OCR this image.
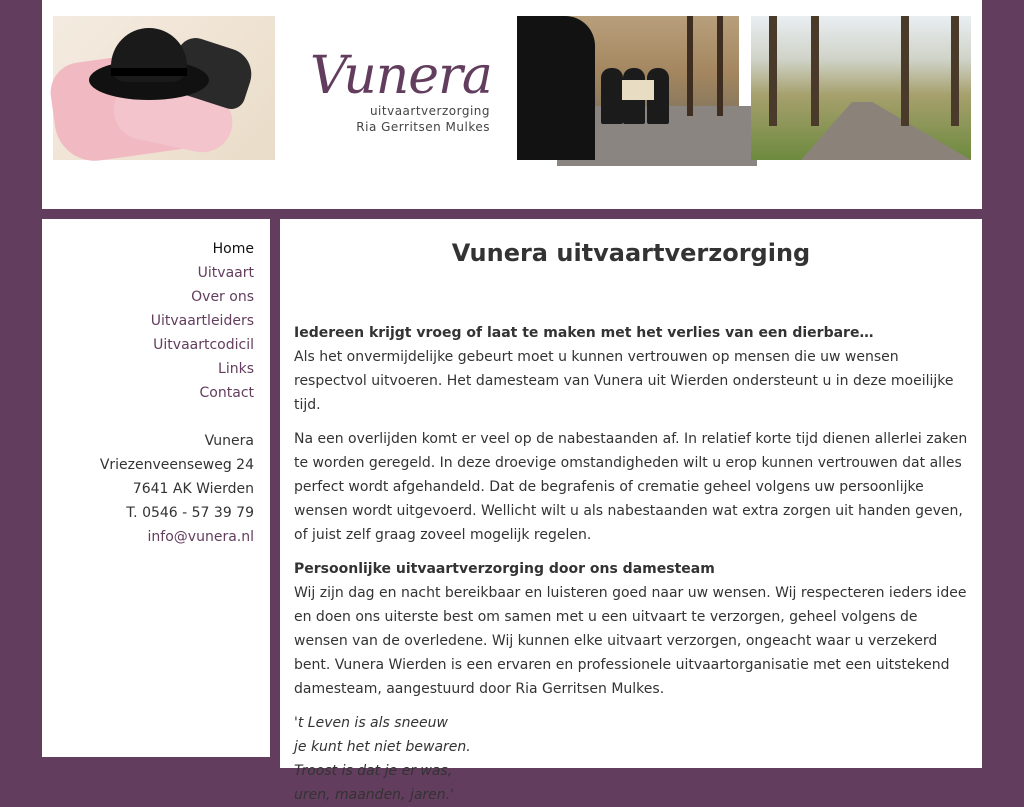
Vunera
uitvaartverzorging
Ria Gerritsen Mulkes
Home
Uitvaart
Over ons
Uitvaartleiders
Uitvaartcodicil
Links
Contact
Vunera
Vriezenveenseweg 24
7641 AK Wierden
T. 0546 - 57 39 79
info@vunera.nl
Vunera uitvaartverzorging

Iedereen krijgt vroeg of laat te maken met het verlies van een dierbare…
Als het onvermijdelijke gebeurt moet u kunnen vertrouwen op mensen die uw wensen respectvol uitvoeren. Het damesteam van Vunera uit Wierden ondersteunt u in deze moeilijke tijd.

Na een overlijden komt er veel op de nabestaanden af. In relatief korte tijd dienen allerlei zaken te worden geregeld. In deze droevige omstandigheden wilt u erop kunnen vertrouwen dat alles perfect wordt afgehandeld. Dat de begrafenis of crematie geheel volgens uw persoonlijke wensen wordt uitgevoerd. Wellicht wilt u als nabestaanden wat extra zorgen uit handen geven, of juist zelf graag zoveel mogelijk regelen.

Persoonlijke uitvaartverzorging door ons damesteam
Wij zijn dag en nacht bereikbaar en luisteren goed naar uw wensen. Wij respecteren ieders idee en doen ons uiterste best om samen met u een uitvaart te verzorgen, geheel volgens de wensen van de overledene. Wij kunnen elke uitvaart verzorgen, ongeacht waar u verzekerd bent. Vunera Wierden is een ervaren en professionele uitvaartorganisatie met een uitstekend damesteam, aangestuurd door Ria Gerritsen Mulkes.

't Leven is als sneeuw
je kunt het niet bewaren.
Troost is dat je er was,
uren, maanden, jaren.'
